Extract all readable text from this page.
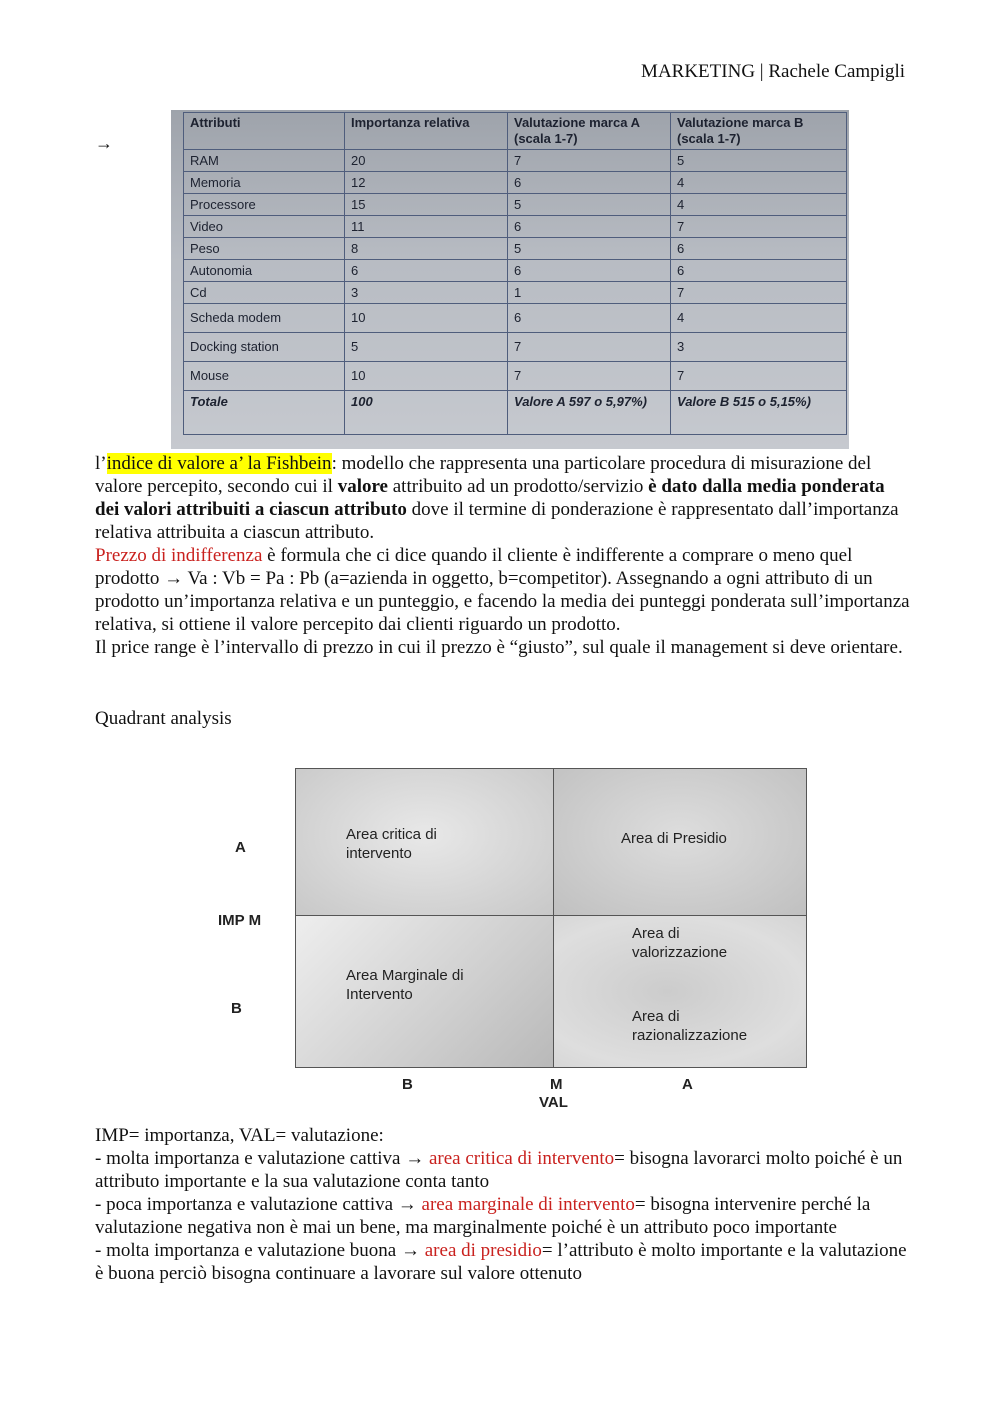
MARKETING | Rachele Campigli
→
Attributi	Importanza relativa	Valutazione marca A (scala 1-7)	Valutazione marca B (scala 1-7)
RAM	20	7	5
Memoria	12	6	4
Processore	15	5	4
Video	11	6	7
Peso	8	5	6
Autonomia	6	6	6
Cd	3	1	7
Scheda modem	10	6	4
Docking station	5	7	3
Mouse	10	7	7
Totale	100	Valore A 597 o 5,97%)	Valore B 515 o 5,15%)

l’indice di valore a’ la Fishbein: modello che rappresenta una particolare procedura di misurazione del valore percepito, secondo cui il valore attribuito ad un prodotto/servizio è dato dalla media ponderata dei valori attribuiti a ciascun attributo dove il termine di ponderazione è rappresentato dall’importanza relativa attribuita a ciascun attributo.

Prezzo di indifferenza è formula che ci dice quando il cliente è indifferente a comprare o meno quel prodotto → Va : Vb = Pa : Pb (a=azienda in oggetto, b=competitor). Assegnando a ogni attributo di un prodotto un’importanza relativa e un punteggio, e facendo la media dei punteggi ponderata sull’importanza relativa, si ottiene il valore percepito dai clienti riguardo un prodotto.

Il price range è l’intervallo di prezzo in cui il prezzo è “giusto”, sul quale il management si deve orientare.

Quadrant analysis
A
IMP M
B
Area critica di intervento
Area di Presidio
Area Marginale di Intervento
Area di valorizzazione
Area di razionalizzazione
B	M	A
VAL

IMP= importanza, VAL= valutazione:

- molta importanza e valutazione cattiva → area critica di intervento= bisogna lavorarci molto poiché è un attributo importante e la sua valutazione conta tanto

- poca importanza e valutazione cattiva → area marginale di intervento= bisogna intervenire perché la valutazione negativa non è mai un bene, ma marginalmente poiché è un attributo poco importante

- molta importanza e valutazione buona → area di presidio= l’attributo è molto importante e la valutazione è buona perciò bisogna continuare a lavorare sul valore ottenuto
